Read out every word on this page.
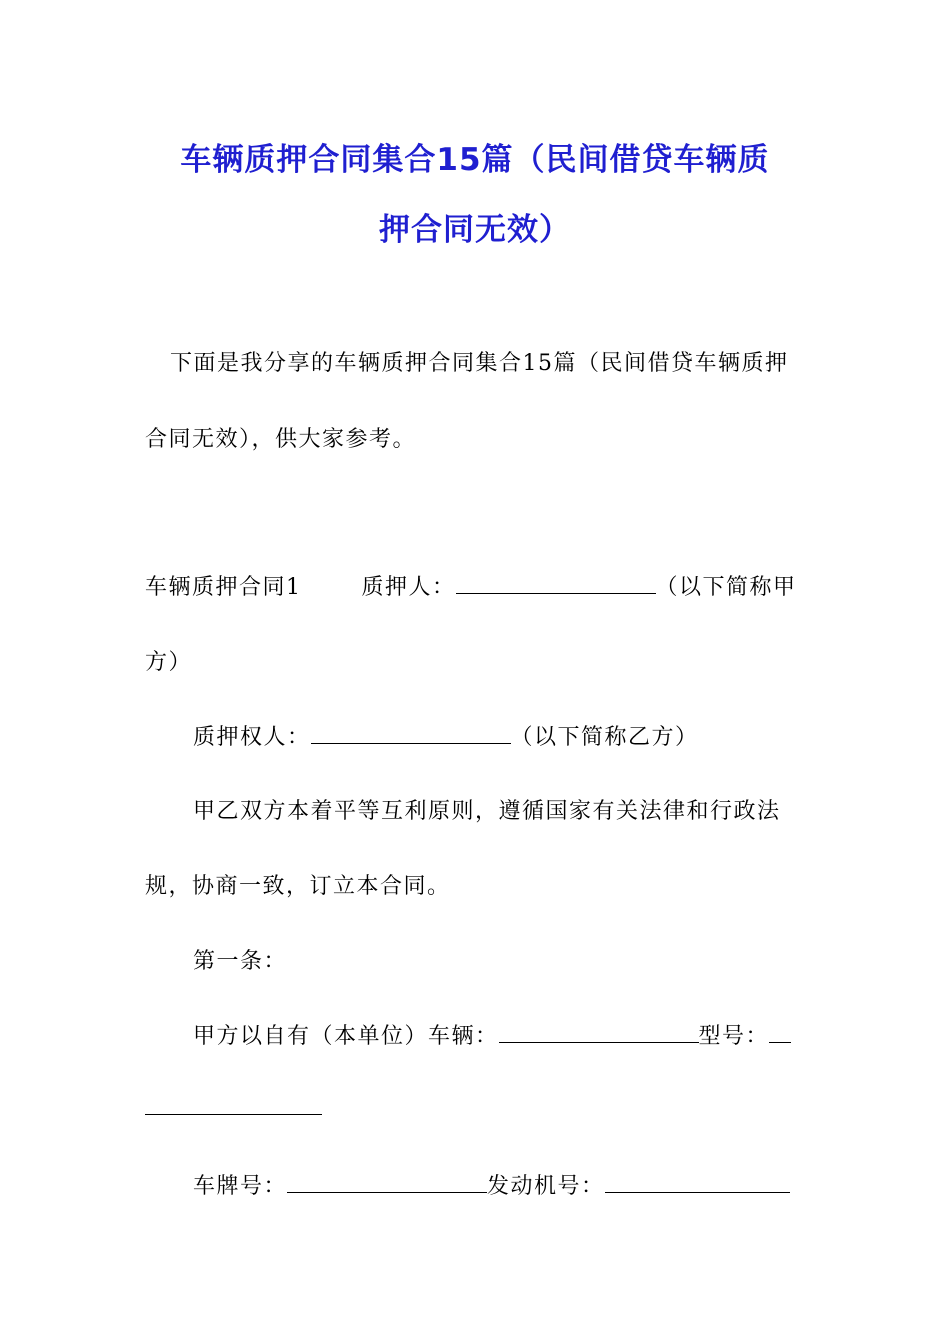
车辆质押合同集合15篇（民间借贷车辆质
押合同无效）
下面是我分享的车辆质押合同集合15篇（民间借贷车辆质押
合同无效），供大家参考。
车辆质押合同1	质押人：	（以下简称甲
方）
质押权人：	（以下简称乙方）
甲乙双方本着平等互利原则，遵循国家有关法律和行政法
规，协商一致，订立本合同。
第一条：
甲方以自有（本单位）车辆：	型号：
车牌号：	发动机号：
